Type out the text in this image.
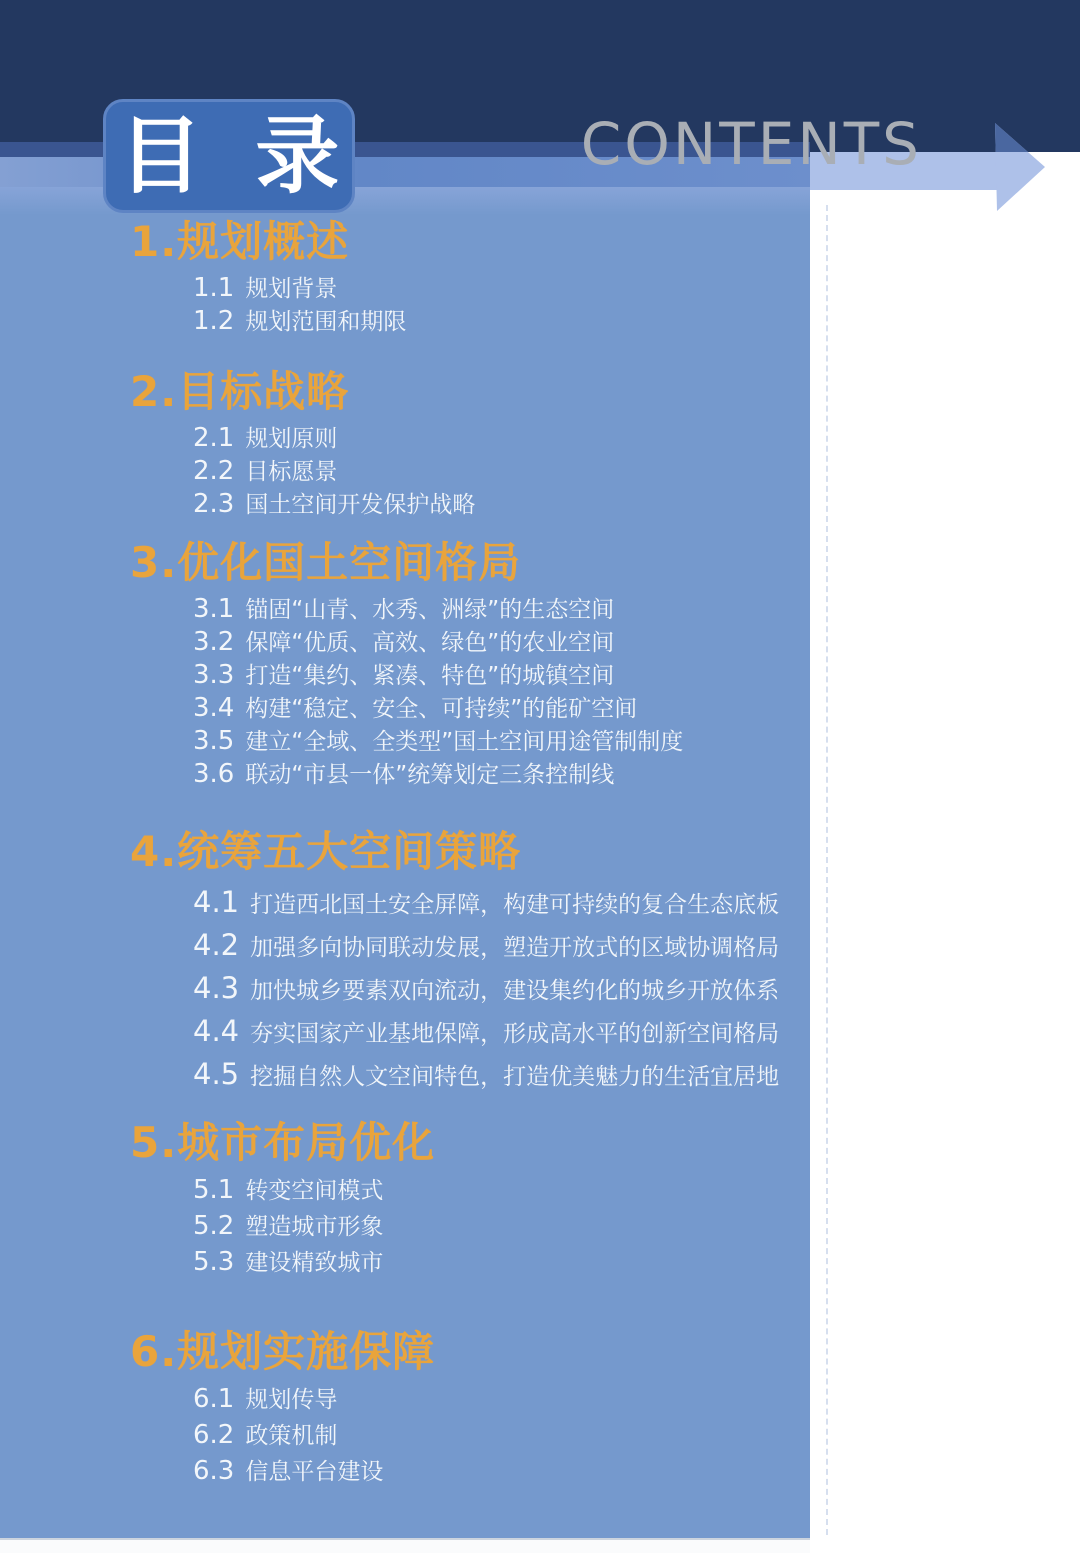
CONTENTS
目 录
1.规划概述
1.1 规划背景
1.2 规划范围和期限
2.目标战略
2.1 规划原则
2.2 目标愿景
2.3 国土空间开发保护战略
3.优化国土空间格局
3.1 锚固“山青、水秀、洲绿”的生态空间
3.2 保障“优质、高效、绿色”的农业空间
3.3 打造“集约、紧凑、特色”的城镇空间
3.4 构建“稳定、安全、可持续”的能矿空间
3.5 建立“全域、全类型”国土空间用途管制制度
3.6 联动“市县一体”统筹划定三条控制线
4.统筹五大空间策略
4.1 打造西北国土安全屏障，构建可持续的复合生态底板
4.2 加强多向协同联动发展，塑造开放式的区域协调格局
4.3 加快城乡要素双向流动，建设集约化的城乡开放体系
4.4 夯实国家产业基地保障，形成高水平的创新空间格局
4.5 挖掘自然人文空间特色，打造优美魅力的生活宜居地
5.城市布局优化
5.1 转变空间模式
5.2 塑造城市形象
5.3 建设精致城市
6.规划实施保障
6.1 规划传导
6.2 政策机制
6.3 信息平台建设
